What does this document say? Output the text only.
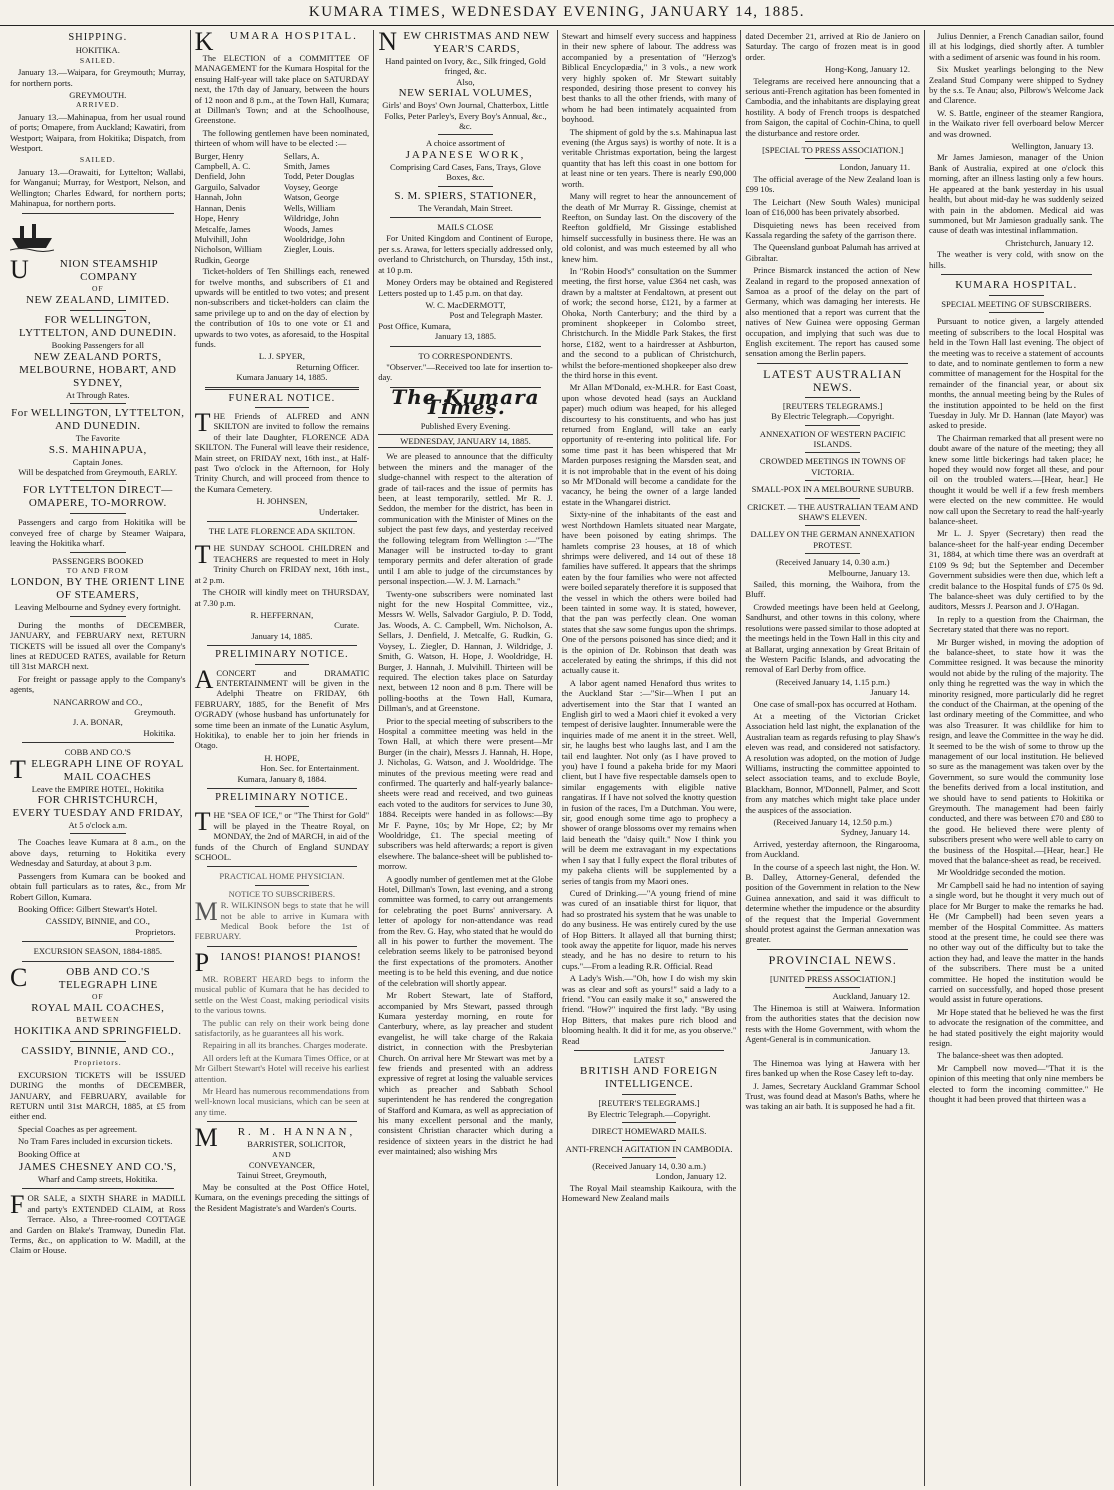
KUMARA TIMES, WEDNESDAY EVENING, JANUARY 14, 1885.
SHIPPING.
HOKITIKA.
SAILED.

January 13.—Waipara, for Greymouth; Murray, for northern ports.

GREYMOUTH.
ARRIVED.

January 13.—Mahinapua, from her usual round of ports; Omapere, from Auckland; Kawatiri, from Westport; Waipara, from Hokitika; Dispatch, from Westport.

SAILED.

January 13.—Orawaiti, for Lyttelton; Wallabi, for Wanganui; Murray, for Westport, Nelson, and Wellington; Charles Edward, for northern ports; Mahinapua, for northern ports.

U	NION STEAMSHIP COMPANY
OF
NEW ZEALAND, LIMITED.
FOR WELLINGTON, LYTTELTON, AND DUNEDIN.
Booking Passengers for all
NEW ZEALAND PORTS, MELBOURNE, HOBART, AND SYDNEY,
At Through Rates.
For WELLINGTON, LYTTELTON, AND DUNEDIN.
The Favorite
S.S. MAHINAPUA,
Captain Jones.
Will be despatched from Greymouth, EARLY.
FOR LYTTELTON DIRECT—OMAPERE, TO-MORROW.

Passengers and cargo from Hokitika will be conveyed free of charge by Steamer Waipara, leaving the Hokitika wharf.

PASSENGERS BOOKED
TO AND FROM
LONDON, BY THE ORIENT LINE OF STEAMERS,
Leaving Melbourne and Sydney every fortnight.

During the months of DECEMBER, JANUARY, and FEBRUARY next, RETURN TICKETS will be issued all over the Company's lines at REDUCED RATES, available for Return till 31st MARCH next.

For freight or passage apply to the Company's agents,

NANCARROW and CO.,
Greymouth.
J. A. BONAR,
Hokitika.
COBB AND CO.'S
TELEGRAPH LINE OF ROYAL MAIL COACHES
Leave the EMPIRE HOTEL, Hokitika
FOR CHRISTCHURCH,
EVERY TUESDAY AND FRIDAY,
At 5 o'clock a.m.

The Coaches leave Kumara at 8 a.m., on the above days, returning to Hokitika every Wednesday and Saturday, at about 3 p.m.

Passengers from Kumara can be booked and obtain full particulars as to rates, &c., from Mr Robert Gillon, Kumara.

Booking Office: Gilbert Stewart's Hotel.

CASSIDY, BINNIE, and CO.,
Proprietors.
EXCURSION SEASON, 1884-1885.
C	OBB AND CO.'S TELEGRAPH LINE
OF
ROYAL MAIL COACHES,
BETWEEN
HOKITIKA AND SPRINGFIELD.
CASSIDY, BINNIE, AND CO.,
Proprietors.

EXCURSION TICKETS will be ISSUED DURING the months of DECEMBER, JANUARY, and FEBRUARY, available for RETURN until 31st MARCH, 1885, at £5 from either end.

Special Coaches as per agreement.

No Tram Fares included in excursion tickets.

Booking Office at

JAMES CHESNEY AND CO.'S,
Wharf and Camp streets, Hokitika.

FOR SALE, a SIXTH SHARE in MADILL and party's EXTENDED CLAIM, at Ross Terrace. Also, a Three-roomed COTTAGE and Garden on Blake's Tramway, Dunedin Flat. Terms, &c., on application to W. Madill, at the Claim or House.

K UMARA HOSPITAL.

The ELECTION of a COMMITTEE OF MANAGEMENT for the Kumara Hospital for the ensuing Half-year will take place on SATURDAY next, the 17th day of January, between the hours of 12 noon and 8 p.m., at the Town Hall, Kumara; at Dillman's Town; and at the Schoolhouse, Greenstone.

The following gentlemen have been nominated, thirteen of whom will have to be elected :—

Burger, Henry
Campbell, A. C.
Denfield, John
Garguilo, Salvador
Hannah, John
Hannan, Denis
Hope, Henry
Metcalfe, James
Mulvihill, John
Nicholson, William
Rudkin, George
Sellars, A.
Smith, James
Todd, Peter Douglas
Voysey, George
Watson, George
Wells, William
Wildridge, John
Woods, James
Wooldridge, John
Ziegler, Louis.

Ticket-holders of Ten Shillings each, renewed for twelve months, and subscribers of £1 and upwards will be entitled to two votes; and present non-subscribers and ticket-holders can claim the same privilege up to and on the day of election by the contribution of 10s to one vote or £1 and upwards to two votes, as aforesaid, to the Hospital funds.

L. J. SPYER,
Returning Officer.
Kumara January 14, 1885.
FUNERAL NOTICE.

THE Friends of ALFRED and ANN SKILTON are invited to follow the remains of their late Daughter, FLORENCE ADA SKILTON. The Funeral will leave their residence, Main street, on FRIDAY next, 16th inst., at Half-past Two o'clock in the Afternoon, for Holy Trinity Church, and will proceed from thence to the Kumara Cemetery.

H. JOHNSEN,
Undertaker.
THE LATE FLORENCE ADA SKILTON.

THE SUNDAY SCHOOL CHILDREN and TEACHERS are requested to meet in Holy Trinity Church on FRIDAY next, 16th inst., at 2 p.m.

The CHOIR will kindly meet on THURSDAY, at 7.30 p.m.

R. HEFFERNAN,
Curate.
January 14, 1885.
PRELIMINARY NOTICE.

ACONCERT and DRAMATIC ENTERTAINMENT will be given in the Adelphi Theatre on FRIDAY, 6th FEBRUARY, 1885, for the Benefit of Mrs O'GRADY (whose husband has unfortunately for some time been an inmate of the Lunatic Asylum, Hokitika), to enable her to join her friends in Otago.

H. HOPE,
Hon. Sec. for Entertainment.
Kumara, January 8, 1884.
PRELIMINARY NOTICE.

THE "SEA OF ICE," or "The Thirst for Gold" will be played in the Theatre Royal, on MONDAY, the 2nd of MARCH, in aid of the funds of the Church of England SUNDAY SCHOOL.

PRACTICAL HOME PHYSICIAN.
NOTICE TO SUBSCRIBERS.

M R. WILKINSON begs to state that he will not be able to arrive in Kumara with Medical Book before the 1st of FEBRUARY.

P IANOS! PIANOS! PIANOS!

MR. ROBERT HEARD begs to inform the musical public of Kumara that he has decided to settle on the West Coast, making periodical visits to the various towns.

The public can rely on their work being done satisfactorily, as he guarantees all his work.

Repairing in all its branches. Charges moderate.

All orders left at the Kumara Times Office, or at Mr Gilbert Stewart's Hotel will receive his earliest attention.

Mr Heard has numerous recommendations from well-known local musicians, which can be seen at any time.

M R. M. HANNAN,
BARRISTER, SOLICITOR,
AND
CONVEYANCER,
Tainui Street, Greymouth,

May be consulted at the Post Office Hotel, Kumara, on the evenings preceding the sittings of the Resident Magistrate's and Warden's Courts.

NEW CHRISTMAS AND NEW YEAR'S CARDS,
Hand painted on Ivory, &c., Silk fringed, Gold fringed, &c.
Also,
NEW SERIAL VOLUMES,
Girls' and Boys' Own Journal, Chatterbox, Little Folks, Peter Parley's, Every Boy's Annual, &c., &c.
A choice assortment of
JAPANESE WORK,
Comprising Card Cases, Fans, Trays, Glove Boxes, &c.
S. M. SPIERS, STATIONER,
The Verandah, Main Street.
MAILS CLOSE

For United Kingdom and Continent of Europe, per s.s. Arawa, for letters specially addressed only, overland to Christchurch, on Thursday, 15th inst., at 10 p.m.

Money Orders may be obtained and Registered Letters posted up to 1.45 p.m. on that day.

W. C. MacDERMOTT,
Post and Telegraph Master.
Post Office, Kumara,
January 13, 1885.
TO CORRESPONDENTS.

"Observer."—Received too late for insertion to-day.

The Kumara Times.
Published Every Evening.
WEDNESDAY, JANUARY 14, 1885.

We are pleased to announce that the difficulty between the miners and the manager of the sludge-channel with respect to the alteration of grade of tail-races and the issue of permits has been, at least temporarily, settled. Mr R. J. Seddon, the member for the district, has been in communication with the Minister of Mines on the subject the past few days, and yesterday received the following telegram from Wellington :—"The Manager will be instructed to-day to grant temporary permits and defer alteration of grade until I am able to judge of the circumstances by personal inspection.—W. J. M. Larnach."

Twenty-one subscribers were nominated last night for the new Hospital Committee, viz., Messrs W. Wells, Salvador Gargiulo, P. D. Todd, Jas. Woods, A. C. Campbell, Wm. Nicholson, A. Sellars, J. Denfield, J. Metcalfe, G. Rudkin, G. Voysey, L. Ziegler, D. Hannan, J. Wildridge, J. Smith, G. Watson, H. Hope, J. Wooldridge, H. Burger, J. Hannah, J. Mulvihill. Thirteen will be required. The election takes place on Saturday next, between 12 noon and 8 p.m. There will be polling-booths at the Town Hall, Kumara, Dillman's, and at Greenstone.

Prior to the special meeting of subscribers to the Hospital a committee meeting was held in the Town Hall, at which there were present—Mr Burger (in the chair), Messrs J. Hannah, H. Hope, J. Nicholas, G. Watson, and J. Wooldridge. The minutes of the previous meeting were read and confirmed. The quarterly and half-yearly balance-sheets were read and received, and two guineas each voted to the auditors for services to June 30, 1884. Receipts were handed in as follows:—By Mr F. Payne, 10s; by Mr Hope, £2; by Mr Wooldridge, £1. The special meeting of subscribers was held afterwards; a report is given elsewhere. The balance-sheet will be published to-morrow.

A goodly number of gentlemen met at the Globe Hotel, Dillman's Town, last evening, and a strong committee was formed, to carry out arrangements for celebrating the poet Burns' anniversary. A letter of apology for non-attendance was read from the Rev. G. Hay, who stated that he would do all in his power to further the movement. The celebration seems likely to be patronised beyond the first expectations of the promoters. Another meeting is to be held this evening, and due notice of the celebration will shortly appear.

Mr Robert Stewart, late of Stafford, accompanied by Mrs Stewart, passed through Kumara yesterday morning, en route for Canterbury, where, as lay preacher and student evangelist, he will take charge of the Rakaia district, in connection with the Presbyterian Church. On arrival here Mr Stewart was met by a few friends and presented with an address expressive of regret at losing the valuable services which as preacher and Sabbath School superintendent he has rendered the congregation of Stafford and Kumara, as well as appreciation of his many excellent personal and the manly, consistent Christian character which during a residence of sixteen years in the district he had ever maintained; also wishing Mrs

Stewart and himself every success and happiness in their new sphere of labour. The address was accompanied by a presentation of "Herzog's Biblical Encyclopædia," in 3 vols., a new work very highly spoken of. Mr Stewart suitably responded, desiring those present to convey his best thanks to all the other friends, with many of whom he had been intimately acquainted from boyhood.

The shipment of gold by the s.s. Mahinapua last evening (the Argus says) is worthy of note. It is a veritable Christmas exportation, being the largest quantity that has left this coast in one bottom for at least nine or ten years. There is nearly £90,000 worth.

Many will regret to hear the announcement of the death of Mr Murray R. Gissinge, chemist at Reefton, on Sunday last. On the discovery of the Reefton goldfield, Mr Gissinge established himself successfully in business there. He was an old colonist, and was much esteemed by all who knew him.

In "Robin Hood's" consultation on the Summer meeting, the first horse, value £364 net cash, was drawn by a maltster at Fendaltown, at present out of work; the second horse, £121, by a farmer at Ohoka, North Canterbury; and the third by a prominent shopkeeper in Colombo street, Christchurch. In the Middle Park Stakes, the first horse, £182, went to a hairdresser at Ashburton, and the second to a publican of Christchurch, whilst the before-mentioned shopkeeper also drew the third horse in this event.

Mr Allan M'Donald, ex-M.H.R. for East Coast, upon whose devoted head (says an Auckland paper) much odium was heaped, for his alleged discourtesy to his constituents, and who has just returned from England, will take an early opportunity of re-entering into political life. For some time past it has been whispered that Mr Marden purposes resigning the Marsden seat, and it is not improbable that in the event of his doing so Mr M'Donald will become a candidate for the vacancy, he being the owner of a large landed estate in the Whangarei district.

Sixty-nine of the inhabitants of the east and west Northdown Hamlets situated near Margate, have been poisoned by eating shrimps. The hamlets comprise 23 houses, at 18 of which shrimps were delivered, and 14 out of these 18 families have suffered. It appears that the shrimps eaten by the four families who were not affected were boiled separately therefore it is supposed that the vessel in which the others were boiled had been tainted in some way. It is stated, however, that the pan was perfectly clean. One woman states that she saw some fungus upon the shrimps. One of the persons poisoned has since died; and it is the opinion of Dr. Robinson that death was accelerated by eating the shrimps, if this did not actually cause it.

A labor agent named Henaford thus writes to the Auckland Star :—"Sir—When I put an advertisement into the Star that I wanted an English girl to wed a Maori chief it evoked a very tempest of derisive laughter. Innumerable were the inquiries made of me anent it in the street. Well, sir, he laughs best who laughs last, and I am the tail end laughter. Not only (as I have proved to you) have I found a pakeha bride for my Maori client, but I have five respectable damsels open to similar engagements with eligible native rangatiras. If I have not solved the knotty question in fusion of the races, I'm a Dutchman. You were, sir, good enough some time ago to prophecy a shower of orange blossoms over my remains when laid beneath the "daisy quilt." Now I think you will be deem me extravagant in my expectations when I say that I fully expect the floral tributes of my pakeha clients will be supplemented by a series of tangis from my Maori ones.

Cured of Drinking.—"A young friend of mine was cured of an insatiable thirst for liquor, that had so prostrated his system that he was unable to do any business. He was entirely cured by the use of Hop Bitters. It allayed all that burning thirst; took away the appetite for liquor, made his nerves steady, and he has no desire to return to his cups."—From a leading R.R. Official. Read

A Lady's Wish.—"Oh, how I do wish my skin was as clear and soft as yours!" said a lady to a friend. "You can easily make it so," answered the friend. "How?" inquired the first lady. "By using Hop Bitters, that makes pure rich blood and blooming health. It did it for me, as you observe." Read

LATEST
BRITISH AND FOREIGN
INTELLIGENCE.
[REUTER'S TELEGRAMS.]
By Electric Telegraph.—Copyright.
DIRECT HOMEWARD MAILS.
ANTI-FRENCH AGITATION IN CAMBODIA.
(Received January 14, 0.30 a.m.)
London, January 12.

The Royal Mail steamship Kaikoura, with the Homeward New Zealand mails

dated December 21, arrived at Rio de Janiero on Saturday. The cargo of frozen meat is in good order.

Hong-Kong, January 12.

Telegrams are received here announcing that a serious anti-French agitation has been fomented in Cambodia, and the inhabitants are displaying great hostility. A body of French troops is despatched from Saigon, the capital of Cochin-China, to quell the disturbance and restore order.

[SPECIAL TO PRESS ASSOCIATION.]
London, January 11.

The official average of the New Zealand loan is £99 10s.

The Leichart (New South Wales) municipal loan of £16,000 has been privately absorbed.

Disquieting news has been received from Kassala regarding the safety of the garrison there.

The Queensland gunboat Palumah has arrived at Gibraltar.

Prince Bismarck instanced the action of New Zealand in regard to the proposed annexation of Samoa as a proof of the delay on the part of Germany, which was damaging her interests. He also mentioned that a report was current that the natives of New Guinea were opposing German occupation, and implying that such was due to English excitement. The report has caused some sensation among the Berlin papers.

LATEST AUSTRALIAN
NEWS.
[REUTERS TELEGRAMS.]
By Electric Telegraph.—Copyright.
ANNEXATION OF WESTERN PACIFIC ISLANDS.
CROWDED MEETINGS IN TOWNS OF VICTORIA.
SMALL-POX IN A MELBOURNE SUBURB.
CRICKET. — THE AUSTRALIAN TEAM AND SHAW'S ELEVEN.
DALLEY ON THE GERMAN ANNEXATION PROTEST.
(Received January 14, 0.30 a.m.)
Melbourne, January 13.

Sailed, this morning, the Waihora, from the Bluff.

Crowded meetings have been held at Geelong, Sandhurst, and other towns in this colony, where resolutions were passed similar to those adopted at the meetings held in the Town Hall in this city and at Ballarat, urging annexation by Great Britain of the Western Pacific Islands, and advocating the removal of Earl Derby from office.

(Received January 14, 1.15 p.m.)
January 14.

One case of small-pox has occurred at Hotham.

At a meeting of the Victorian Cricket Association held last night, the explanation of the Australian team as regards refusing to play Shaw's eleven was read, and considered not satisfactory. A resolution was adopted, on the motion of Judge Williams, instructing the committee appointed to select association teams, and to exclude Boyle, Blackham, Bonnor, M'Donnell, Palmer, and Scott from any matches which might take place under the auspices of the association.

(Received January 14, 12.50 p.m.)
Sydney, January 14.

Arrived, yesterday afternoon, the Ringarooma, from Auckland.

In the course of a speech last night, the Hon. W. B. Dalley, Attorney-General, defended the position of the Government in relation to the New Guinea annexation, and said it was difficult to determine whether the impudence or the absurdity of the request that the Imperial Government should protest against the German annexation was greater.

PROVINCIAL NEWS.
[UNITED PRESS ASSOCIATION.]
Auckland, January 12.

The Hinemoa is still at Waiwera. Information from the authorities states that the decision now rests with the Home Government, with whom the Agent-General is in communication.

January 13.

The Hinemoa was lying at Hawera with her fires banked up when the Rose Casey left to-day.

J. James, Secretary Auckland Grammar School Trust, was found dead at Mason's Baths, where he was taking an air bath. It is supposed he had a fit.

Julius Dennier, a French Canadian sailor, found ill at his lodgings, died shortly after. A tumbler with a sediment of arsenic was found in his room.

Six Musket yearlings belonging to the New Zealand Stud Company were shipped to Sydney by the s.s. Te Anau; also, Pilbrow's Welcome Jack and Clarence.

W. S. Battle, engineer of the steamer Rangiora, in the Waikato river fell overboard below Mercer and was drowned.

Wellington, January 13.

Mr James Jamieson, manager of the Union Bank of Australia, expired at one o'clock this morning, after an illness lasting only a few hours. He appeared at the bank yesterday in his usual health, but about mid-day he was suddenly seized with pain in the abdomen. Medical aid was summoned, but Mr Jamieson gradually sank. The cause of death was intestinal inflammation.

Christchurch, January 12.

The weather is very cold, with snow on the hills.

KUMARA HOSPITAL.
SPECIAL MEETING OF SUBSCRIBERS.

Pursuant to notice given, a largely attended meeting of subscribers to the local Hospital was held in the Town Hall last evening. The object of the meeting was to receive a statement of accounts to date, and to nominate gentlemen to form a new committee of management for the Hospital for the remainder of the financial year, or about six months, the annual meeting being by the Rules of the institution appointed to be held on the first Tuesday in July. Mr D. Hannan (late Mayor) was asked to preside.

The Chairman remarked that all present were no doubt aware of the nature of the meeting; they all knew some little bickerings had taken place; he hoped they would now forget all these, and pour oil on the troubled waters.—[Hear, hear.] He thought it would be well if a few fresh members were elected on the new committee. He would now call upon the Secretary to read the half-yearly balance-sheet.

Mr L. J. Spyer (Secretary) then read the balance-sheet for the half-year ending December 31, 1884, at which time there was an overdraft at £109 9s 9d; but the September and December Government subsidies were then due, which left a credit balance to the Hospital funds of £75 0s 9d. The balance-sheet was duly certified to by the auditors, Messrs J. Pearson and J. O'Hagan.

In reply to a question from the Chairman, the Secretary stated that there was no report.

Mr Burger wished, in moving the adoption of the balance-sheet, to state how it was the Committee resigned. It was because the minority would not abide by the ruling of the majority. The only thing he regretted was the way in which the minority resigned, more particularly did he regret the conduct of the Chairman, at the opening of the last ordinary meeting of the Committee, and who was also Treasurer. It was childlike for him to resign, and leave the Committee in the way he did. It seemed to be the wish of some to throw up the management of our local institution. He believed so sure as the management was taken over by the Government, so sure would the community lose the benefits derived from a local institution, and we should have to send patients to Hokitika or Greymouth. The management had been fairly conducted, and there was between £70 and £80 to the good. He believed there were plenty of subscribers present who were well able to carry on the business of the Hospital.—[Hear, hear.] He moved that the balance-sheet as read, be received.

Mr Wooldridge seconded the motion.

Mr Campbell said he had no intention of saying a single word, but he thought it very much out of place for Mr Burger to make the remarks he had. He (Mr Campbell) had been seven years a member of the Hospital Committee. As matters stood at the present time, he could see there was no other way out of the difficulty but to take the action they had, and leave the matter in the hands of the subscribers. There must be a united committee. He hoped the institution would be carried on successfully, and hoped those present would assist in future operations.

Mr Hope stated that he believed he was the first to advocate the resignation of the committee, and he had stated positively the eight majority would resign.

The balance-sheet was then adopted.

Mr Campbell now moved—"That it is the opinion of this meeting that only nine members be elected to form the incoming committee." He thought it had been proved that thirteen was a
